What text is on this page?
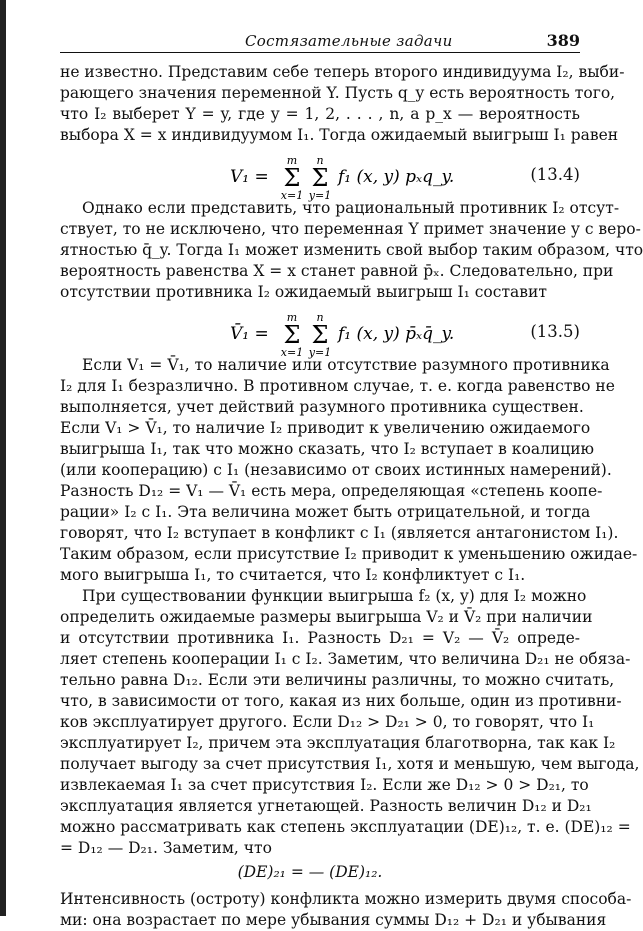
Состязательные задачи	389
не известно. Представим себе теперь второго индивидуума I₂, выби-
рающего значения переменной Y. Пусть q_y есть вероятность того,
что I₂ выберет Y = y, где y = 1, 2, . . . , n, а p_x — вероятность
выбора X = x индивидуумом I₁. Тогда ожидаемый выигрыш I₁ равен
V₁ =
m
Σ
x=1
n
Σ
y=1
f₁ (x, y) pₓq_y.	(13.4)
Однако если представить, что рациональный противник I₂ отсут-
ствует, то не исключено, что переменная Y примет значение y с веро-
ятностью q̄_y. Тогда I₁ может изменить свой выбор таким образом, что
вероятность равенства X = x станет равной p̄ₓ. Следовательно, при
отсутствии противника I₂ ожидаемый выигрыш I₁ составит
V̄₁ =
m
Σ
x=1
n
Σ
y=1
f₁ (x, y) p̄ₓq̄_y.	(13.5)
Если V₁ = V̄₁, то наличие или отсутствие разумного противника
I₂ для I₁ безразлично. В противном случае, т. е. когда равенство не
выполняется, учет действий разумного противника существен.
Если V₁ > V̄₁, то наличие I₂ приводит к увеличению ожидаемого
выигрыша I₁, так что можно сказать, что I₂ вступает в коалицию
(или кооперацию) с I₁ (независимо от своих истинных намерений).
Разность D₁₂ = V₁ — V̄₁ есть мера, определяющая «степень коопе-
рации» I₂ с I₁. Эта величина может быть отрицательной, и тогда
говорят, что I₂ вступает в конфликт с I₁ (является антагонистом I₁).
Таким образом, если присутствие I₂ приводит к уменьшению ожидае-
мого выигрыша I₁, то считается, что I₂ конфликтует с I₁.
При существовании функции выигрыша f₂ (x, y) для I₂ можно
определить ожидаемые размеры выигрыша V₂ и V̄₂ при наличии
и отсутствии противника I₁. Разность D₂₁ = V₂ — V̄₂ опреде-
ляет степень кооперации I₁ с I₂. Заметим, что величина D₂₁ не обяза-
тельно равна D₁₂. Если эти величины различны, то можно считать,
что, в зависимости от того, какая из них больше, один из противни-
ков эксплуатирует другого. Если D₁₂ > D₂₁ > 0, то говорят, что I₁
эксплуатирует I₂, причем эта эксплуатация благотворна, так как I₂
получает выгоду за счет присутствия I₁, хотя и меньшую, чем выгода,
извлекаемая I₁ за счет присутствия I₂. Если же D₁₂ > 0 > D₂₁, то
эксплуатация является угнетающей. Разность величин D₁₂ и D₂₁
можно рассматривать как степень эксплуатации (DE)₁₂, т. е. (DE)₁₂ =
= D₁₂ — D₂₁. Заметим, что
(DE)₂₁ = — (DE)₁₂.
Интенсивность (остроту) конфликта можно измерить двумя способа-
ми: она возрастает по мере убывания суммы D₁₂ + D₂₁ и убывания
